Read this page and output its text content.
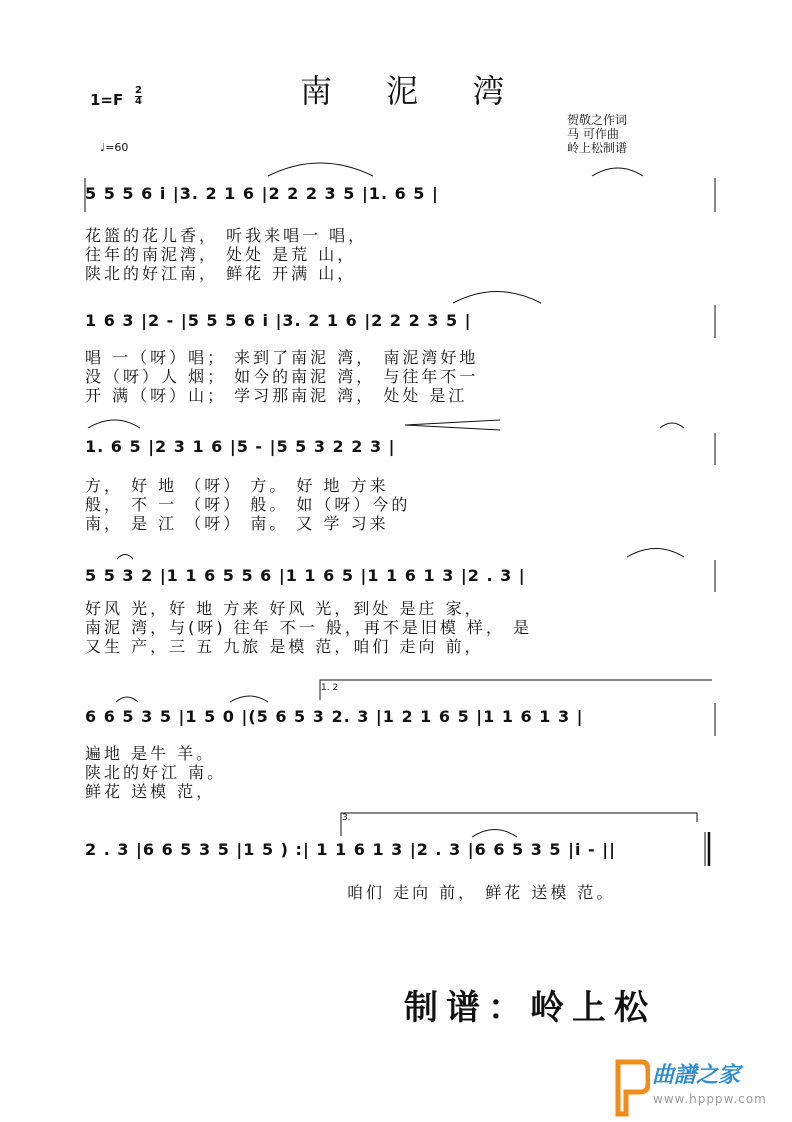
南 泥 湾
$1=F \frac{2}{4}$
♩=60
贺敬之作词
马 可作曲
岭上松制谱
5 5 5 6 i |3. 2 1 6 |2 2 2 3 5 |1. 6 5 |
花篮的花儿香， 听我来唱一 唱，
往年的南泥湾， 处处 是荒 山，
陕北的好江南， 鲜花 开满 山，
1 6 3 |2 - |5 5 5 6 i |3. 2 1 6 |2 2 2 3 5 |
唱 一（呀）唱； 来到了南泥 湾， 南泥湾好地
没（呀）人 烟； 如今的南泥 湾， 与往年不一
开 满（呀）山； 学习那南泥 湾， 处处 是江
1. 6 5 |2 3 1 6 |5 - |5 5 3 2 2 3 |
方， 好 地 （呀） 方。 好 地 方来
般， 不 一 （呀） 般。 如（呀）今的
南， 是 江 （呀） 南。 又 学 习来
5 5 3 2 |1 1 6 5 5 6 |1 1 6 5 |1 1 6 1 3 |2 . 3 |
好风 光，好 地 方来 好风 光，到处 是庄 家，
南泥 湾，与(呀) 往年 不一 般，再不是旧模 样， 是
又生 产，三 五 九旅 是模 范，咱们 走向 前，
1. 2
6 6 5 3 5 |1 5 0 |(5 6 5 3 2. 3 |1 2 1 6 5 |1 1 6 1 3 |
遍地 是牛 羊。
陕北的好江 南。
鲜花 送模 范，
3.
2 . 3 |6 6 5 3 5 |1 5 ) :| 1 1 6 1 3 |2 . 3 |6 6 5 3 5 |i - ||
咱们 走向 前， 鲜花 送模 范。
制谱：岭上松
曲譜之家
www.hpppw.com
